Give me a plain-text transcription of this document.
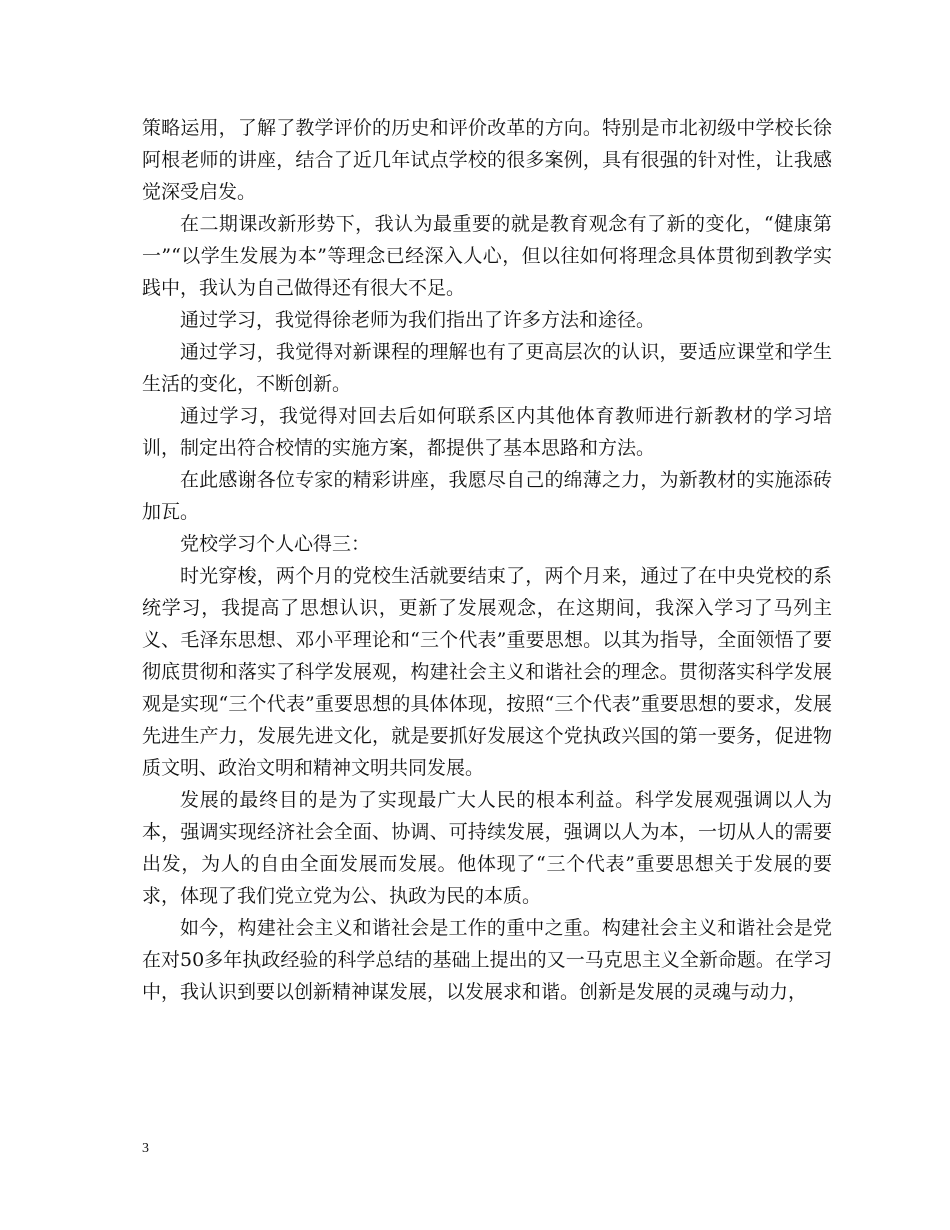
策略运用，了解了教学评价的历史和评价改革的方向。特别是市北初级中学校长徐阿根老师的讲座，结合了近几年试点学校的很多案例，具有很强的针对性，让我感觉深受启发。

在二期课改新形势下，我认为最重要的就是教育观念有了新的变化，“健康第一”“以学生发展为本”等理念已经深入人心，但以往如何将理念具体贯彻到教学实践中，我认为自己做得还有很大不足。

通过学习，我觉得徐老师为我们指出了许多方法和途径。

通过学习，我觉得对新课程的理解也有了更高层次的认识，要适应课堂和学生生活的变化，不断创新。

通过学习，我觉得对回去后如何联系区内其他体育教师进行新教材的学习培训，制定出符合校情的实施方案，都提供了基本思路和方法。

在此感谢各位专家的精彩讲座，我愿尽自己的绵薄之力，为新教材的实施添砖加瓦。

党校学习个人心得三：

时光穿梭，两个月的党校生活就要结束了，两个月来，通过了在中央党校的系统学习，我提高了思想认识，更新了发展观念，在这期间，我深入学习了马列主义、毛泽东思想、邓小平理论和“三个代表”重要思想。以其为指导，全面领悟了要彻底贯彻和落实了科学发展观，构建社会主义和谐社会的理念。贯彻落实科学发展观是实现“三个代表”重要思想的具体体现，按照“三个代表”重要思想的要求，发展先进生产力，发展先进文化，就是要抓好发展这个党执政兴国的第一要务，促进物质文明、政治文明和精神文明共同发展。

发展的最终目的是为了实现最广大人民的根本利益。科学发展观强调以人为本，强调实现经济社会全面、协调、可持续发展，强调以人为本，一切从人的需要出发，为人的自由全面发展而发展。他体现了“三个代表”重要思想关于发展的要求，体现了我们党立党为公、执政为民的本质。

如今，构建社会主义和谐社会是工作的重中之重。构建社会主义和谐社会是党在对50多年执政经验的科学总结的基础上提出的又一马克思主义全新命题。在学习中，我认识到要以创新精神谋发展，以发展求和谐。创新是发展的灵魂与动力，

3
